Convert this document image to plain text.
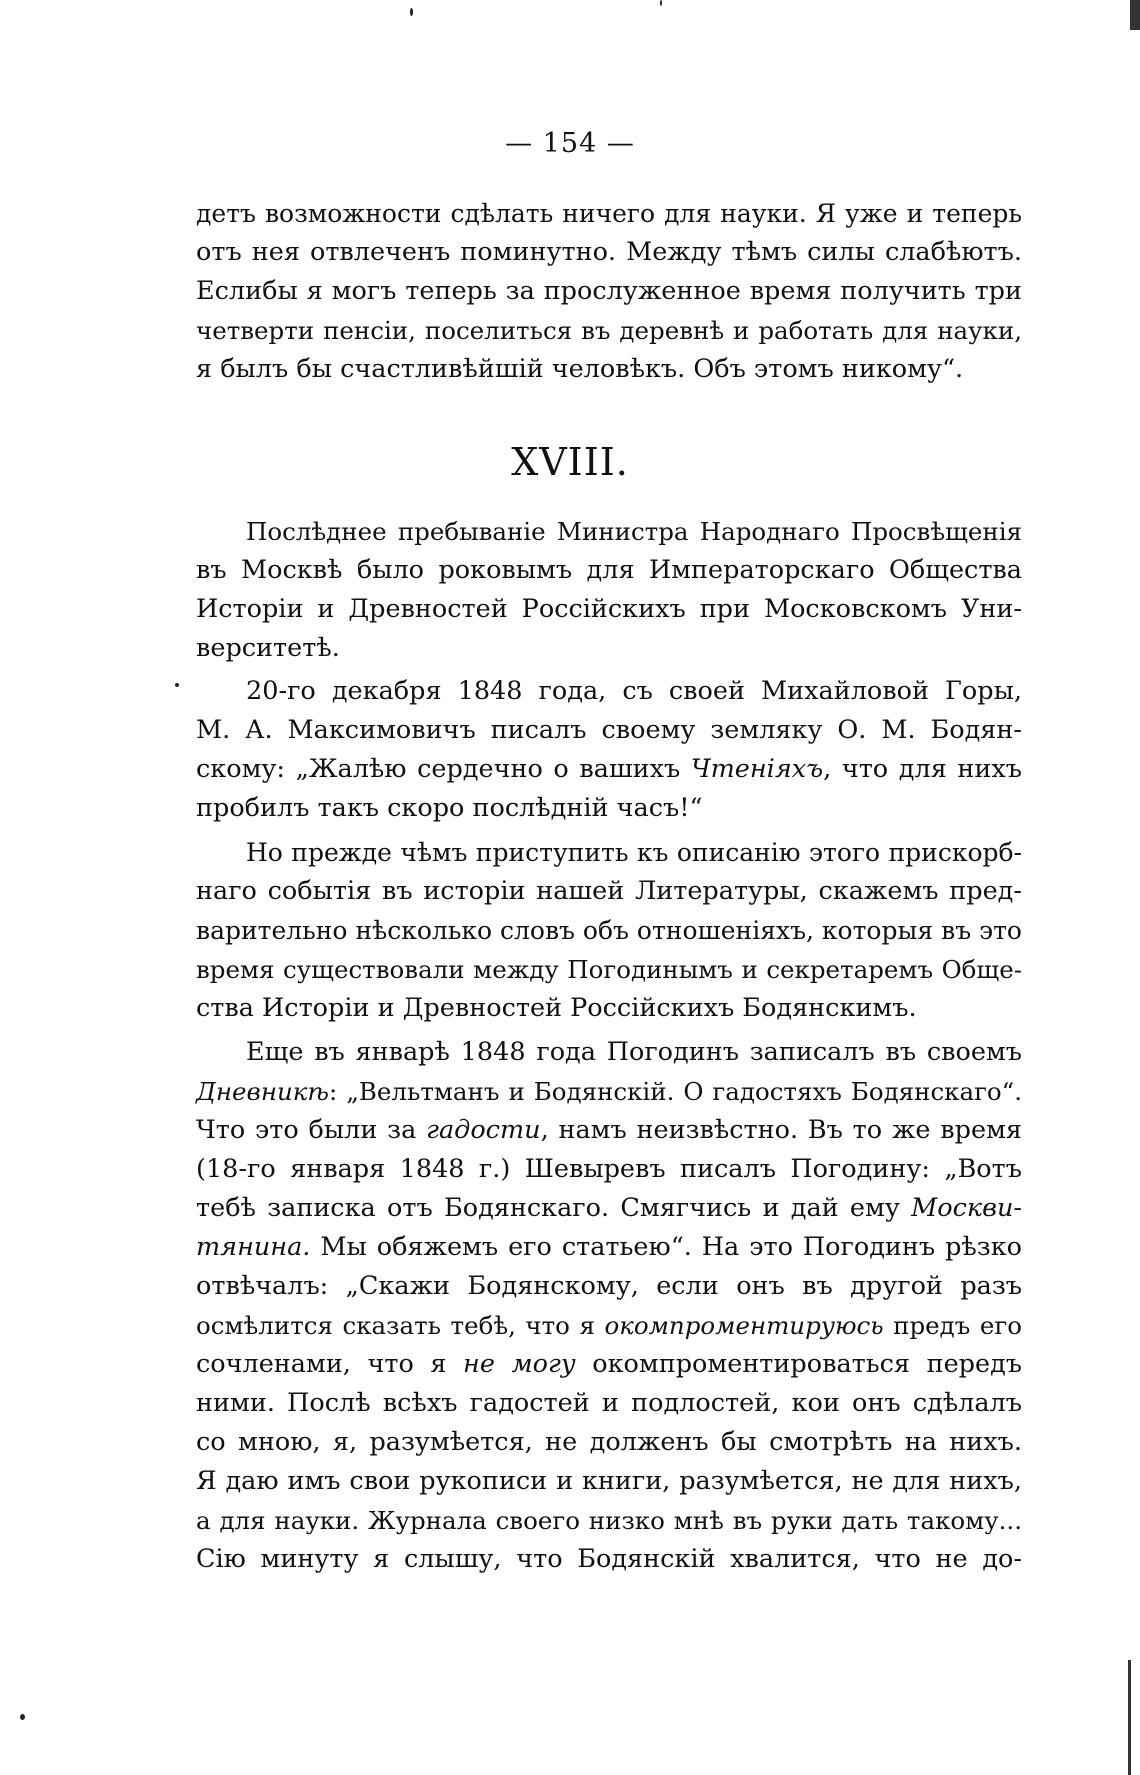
— 154 —
детъ возможности сдѣлать ничего для науки. Я уже и теперь
отъ нея отвлеченъ поминутно. Между тѣмъ силы слабѣютъ.
Еслибы я могъ теперь за прослуженное время получить три
четверти пенсіи, поселиться въ деревнѣ и работать для науки,
я былъ бы счастливѣйшій человѣкъ. Объ этомъ никому“.
XVIII.
Послѣднее пребываніе Министра Народнаго Просвѣщенія
въ Москвѣ было роковымъ для Императорскаго Общества
Исторіи и Древностей Россійскихъ при Московскомъ Уни-
верситетѣ.
20-го декабря 1848 года, съ своей Михайловой Горы,
М. А. Максимовичъ писалъ своему земляку О. М. Бодян-
скому: „Жалѣю сердечно о вашихъ Чтеніяхъ, что для нихъ
пробилъ такъ скоро послѣдній часъ!“
Но прежде чѣмъ приступить къ описанію этого прискорб-
наго событія въ исторіи нашей Литературы, скажемъ пред-
варительно нѣсколько словъ объ отношеніяхъ, которыя въ это
время существовали между Погодинымъ и секретаремъ Обще-
ства Исторіи и Древностей Россійскихъ Бодянскимъ.
Еще въ январѣ 1848 года Погодинъ записалъ въ своемъ
Дневникѣ: „Вельтманъ и Бодянскій. О гадостяхъ Бодянскаго“.
Что это были за гадости, намъ неизвѣстно. Въ то же время
(18-го января 1848 г.) Шевыревъ писалъ Погодину: „Вотъ
тебѣ записка отъ Бодянскаго. Смягчись и дай ему Москви-
тянина. Мы обяжемъ его статьею“. На это Погодинъ рѣзко
отвѣчалъ: „Скажи Бодянскому, если онъ въ другой разъ
осмѣлится сказать тебѣ, что я окомпроментируюсь предъ его
сочленами, что я не могу окомпроментироваться передъ
ними. Послѣ всѣхъ гадостей и подлостей, кои онъ сдѣлалъ
со мною, я, разумѣется, не долженъ бы смотрѣть на нихъ.
Я даю имъ свои рукописи и книги, разумѣется, не для нихъ,
а для науки. Журнала своего низко мнѣ въ руки дать такому...
Сію минуту я слышу, что Бодянскій хвалится, что не до-
